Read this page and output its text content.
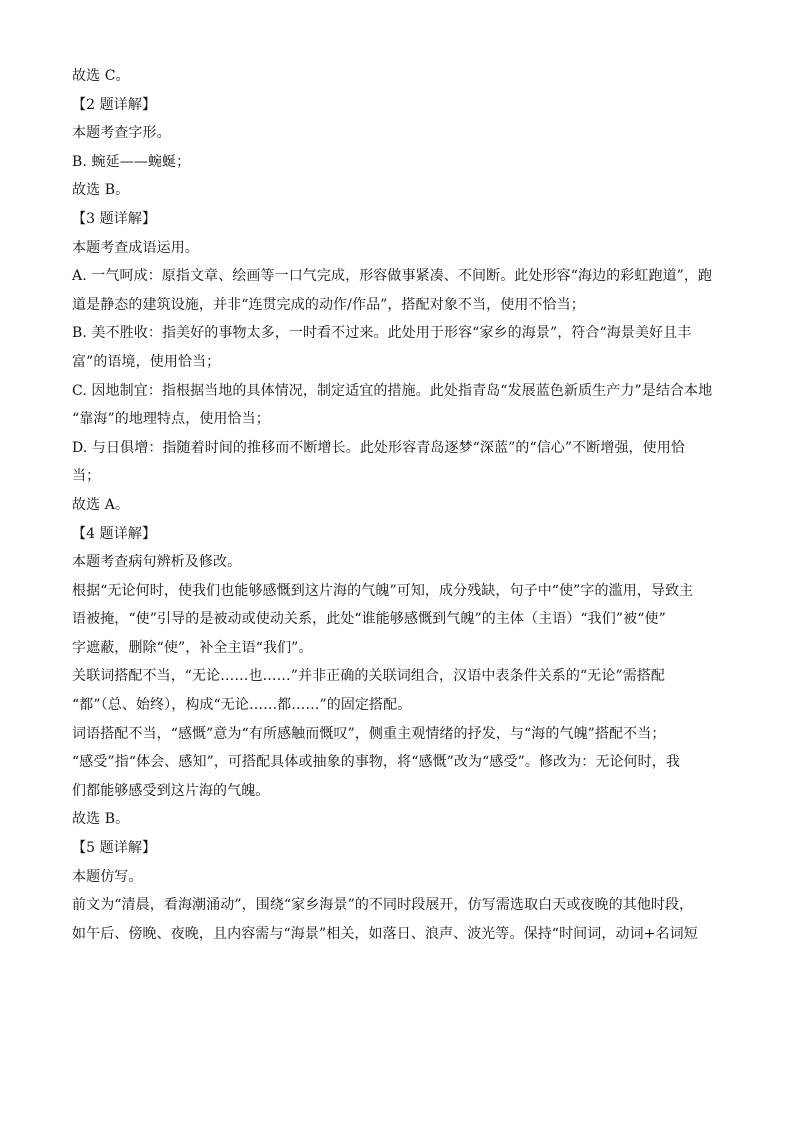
故选 C。
【2 题详解】
本题考查字形。
B. 蜿延——蜿蜒；
故选 B。
【3 题详解】
本题考查成语运用。
A. 一气呵成：原指文章、绘画等一口气完成，形容做事紧凑、不间断。此处形容“海边的彩虹跑道”，跑
道是静态的建筑设施，并非“连贯完成的动作/作品”，搭配对象不当，使用不恰当；
B. 美不胜收：指美好的事物太多，一时看不过来。此处用于形容“家乡的海景”，符合“海景美好且丰
富”的语境，使用恰当；
C. 因地制宜：指根据当地的具体情况，制定适宜的措施。此处指青岛“发展蓝色新质生产力”是结合本地
“靠海”的地理特点，使用恰当；
D. 与日俱增：指随着时间的推移而不断增长。此处形容青岛逐梦“深蓝”的“信心”不断增强，使用恰
当；
故选 A。
【4 题详解】
本题考查病句辨析及修改。
根据“无论何时，使我们也能够感慨到这片海的气魄”可知，成分残缺，句子中“使”字的滥用，导致主
语被掩，“使”引导的是被动或使动关系，此处“谁能够感慨到气魄”的主体（主语）“我们”被“使”
字遮蔽，删除“使”，补全主语“我们”。
关联词搭配不当，“无论……也……”并非正确的关联词组合，汉语中表条件关系的“无论”需搭配
“都”（总、始终），构成“无论……都……”的固定搭配。
词语搭配不当，“感慨”意为“有所感触而慨叹”，侧重主观情绪的抒发，与“海的气魄”搭配不当；
“感受”指“体会、感知”，可搭配具体或抽象的事物，将“感慨”改为“感受”。修改为：无论何时，我
们都能够感受到这片海的气魄。
故选 B。
【5 题详解】
本题仿写。
前文为“清晨，看海潮涌动”，围绕“家乡海景”的不同时段展开，仿写需选取白天或夜晚的其他时段，
如午后、傍晚、夜晚，且内容需与“海景”相关，如落日、浪声、波光等。保持“时间词，动词+名词短
